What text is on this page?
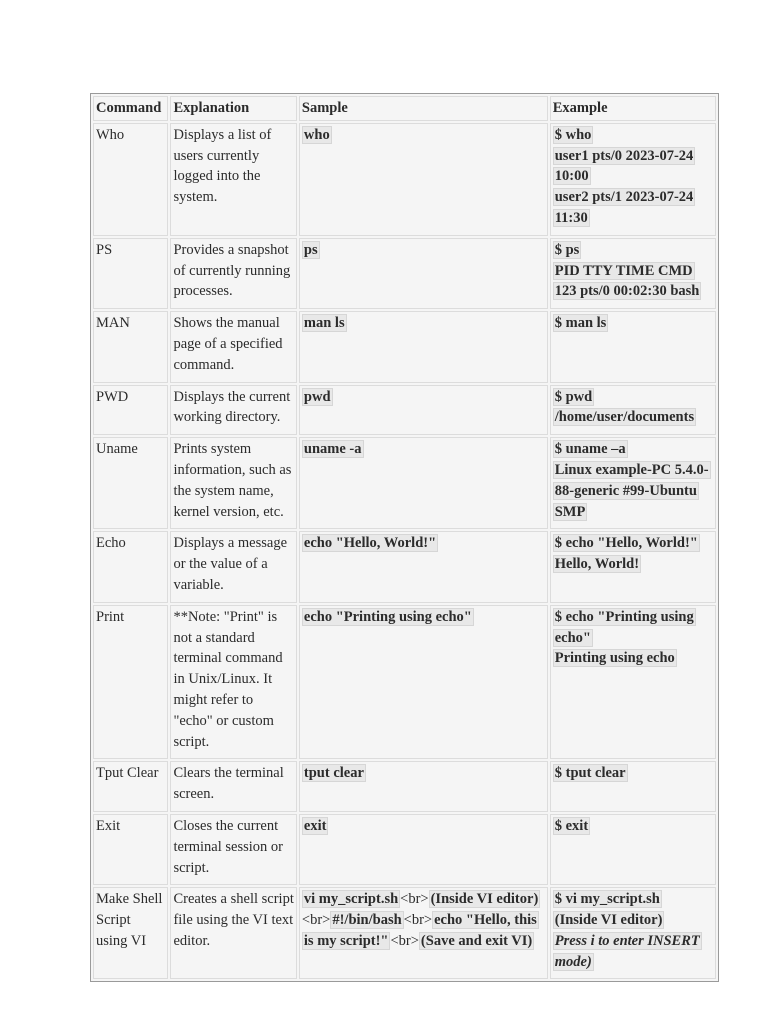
Command	Explanation	Sample	Example
Who	Displays a list of users currently logged into the system.	who	$ who
user1 pts/0 2023-07-24 10:00
user2 pts/1 2023-07-24 11:30

PS	Provides a snapshot of currently running processes.	ps	$ ps
PID TTY TIME CMD
123 pts/0 00:02:30 bash

MAN	Shows the manual page of a specified command.	man ls	$ man ls

PWD	Displays the current working directory.	pwd	$ pwd
/home/user/documents

Uname	Prints system information, such as the system name, kernel version, etc.	uname -a	$ uname –a
Linux example-PC 5.4.0-88-generic #99-Ubuntu SMP

Echo	Displays a message or the value of a variable.	echo "Hello, World!"	$ echo "Hello, World!"
Hello, World!

Print	**Note: "Print" is not a standard terminal command in Unix/Linux. It might refer to "echo" or custom script.	echo "Printing using echo"	$ echo "Printing using echo"
Printing using echo

Tput Clear	Clears the terminal screen.	tput clear	$ tput clear

Exit	Closes the current terminal session or script.	exit	$ exit

Make Shell Script using VI	Creates a shell script file using the VI text editor.	vi my_script.sh <br> (Inside VI editor)<br> #!/bin/bash <br> echo "Hello, this is my script!" <br> (Save and exit VI)	$ vi my_script.sh
(Inside VI editor)
Press i to enter INSERT mode)
